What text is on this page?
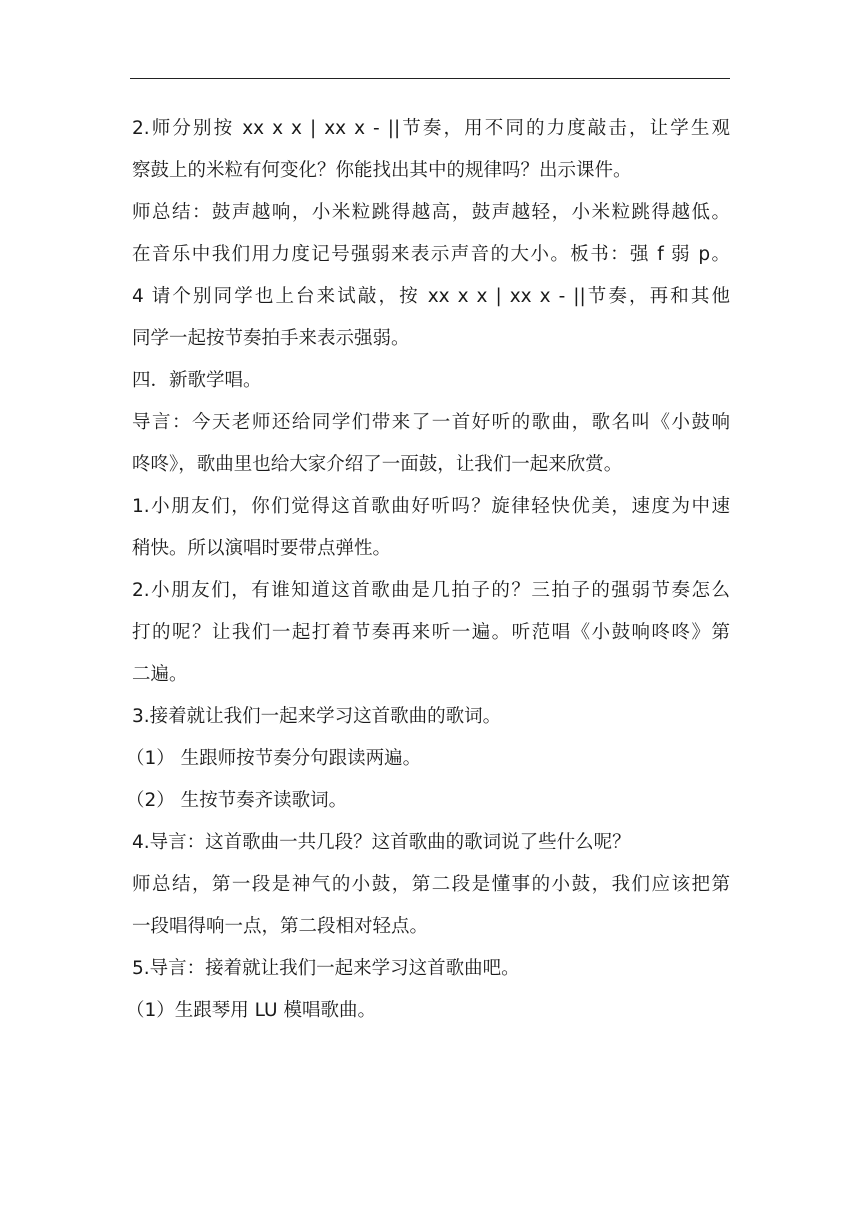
2.师分别按 xx x x | xx x - ||节奏，用不同的力度敲击，让学生观
察鼓上的米粒有何变化？你能找出其中的规律吗？出示课件。
师总结：鼓声越响，小米粒跳得越高，鼓声越轻，小米粒跳得越低。
在音乐中我们用力度记号强弱来表示声音的大小。板书：强 f 弱 p。
4 请个别同学也上台来试敲，按 xx x x | xx x - ||节奏，再和其他
同学一起按节奏拍手来表示强弱。
四．新歌学唱。
导言：今天老师还给同学们带来了一首好听的歌曲，歌名叫《小鼓响
咚咚》，歌曲里也给大家介绍了一面鼓，让我们一起来欣赏。
1.小朋友们，你们觉得这首歌曲好听吗？旋律轻快优美，速度为中速
稍快。所以演唱时要带点弹性。
2.小朋友们，有谁知道这首歌曲是几拍子的？三拍子的强弱节奏怎么
打的呢？让我们一起打着节奏再来听一遍。听范唱《小鼓响咚咚》第
二遍。
3.接着就让我们一起来学习这首歌曲的歌词。
（1） 生跟师按节奏分句跟读两遍。
（2） 生按节奏齐读歌词。
4.导言：这首歌曲一共几段？这首歌曲的歌词说了些什么呢？
师总结，第一段是神气的小鼓，第二段是懂事的小鼓，我们应该把第
一段唱得响一点，第二段相对轻点。
5.导言：接着就让我们一起来学习这首歌曲吧。
（1）生跟琴用 LU 模唱歌曲。
